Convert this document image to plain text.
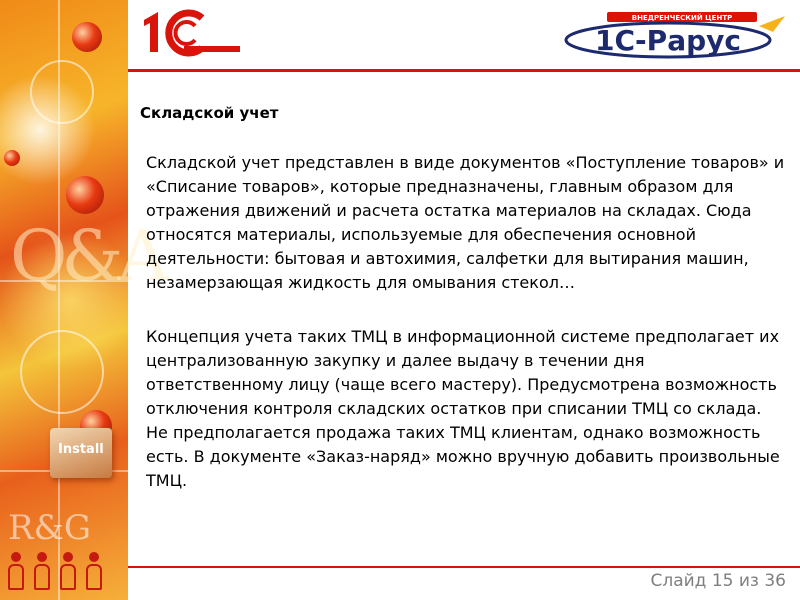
Q&A
Install
R&G
ВНЕДРЕНЧЕСКИЙ ЦЕНТР
1С-Рарус
Складской учет
Складской учет представлен в виде документов «Поступление товаров» и «Списание товаров», которые предназначены, главным образом для отражения движений и расчета остатка материалов на складах. Сюда относятся материалы, используемые для обеспечения основной деятельности: бытовая и автохимия, салфетки для вытирания машин, незамерзающая жидкость для омывания стекол…
Концепция учета таких ТМЦ в информационной системе предполагает их централизованную закупку и далее выдачу в течении дня ответственному лицу (чаще всего мастеру). Предусмотрена возможность отключения контроля складских остатков при списании ТМЦ со склада. Не предполагается продажа таких ТМЦ клиентам, однако возможность есть. В документе «Заказ-наряд» можно вручную добавить произвольные ТМЦ.
Слайд 15 из 36
